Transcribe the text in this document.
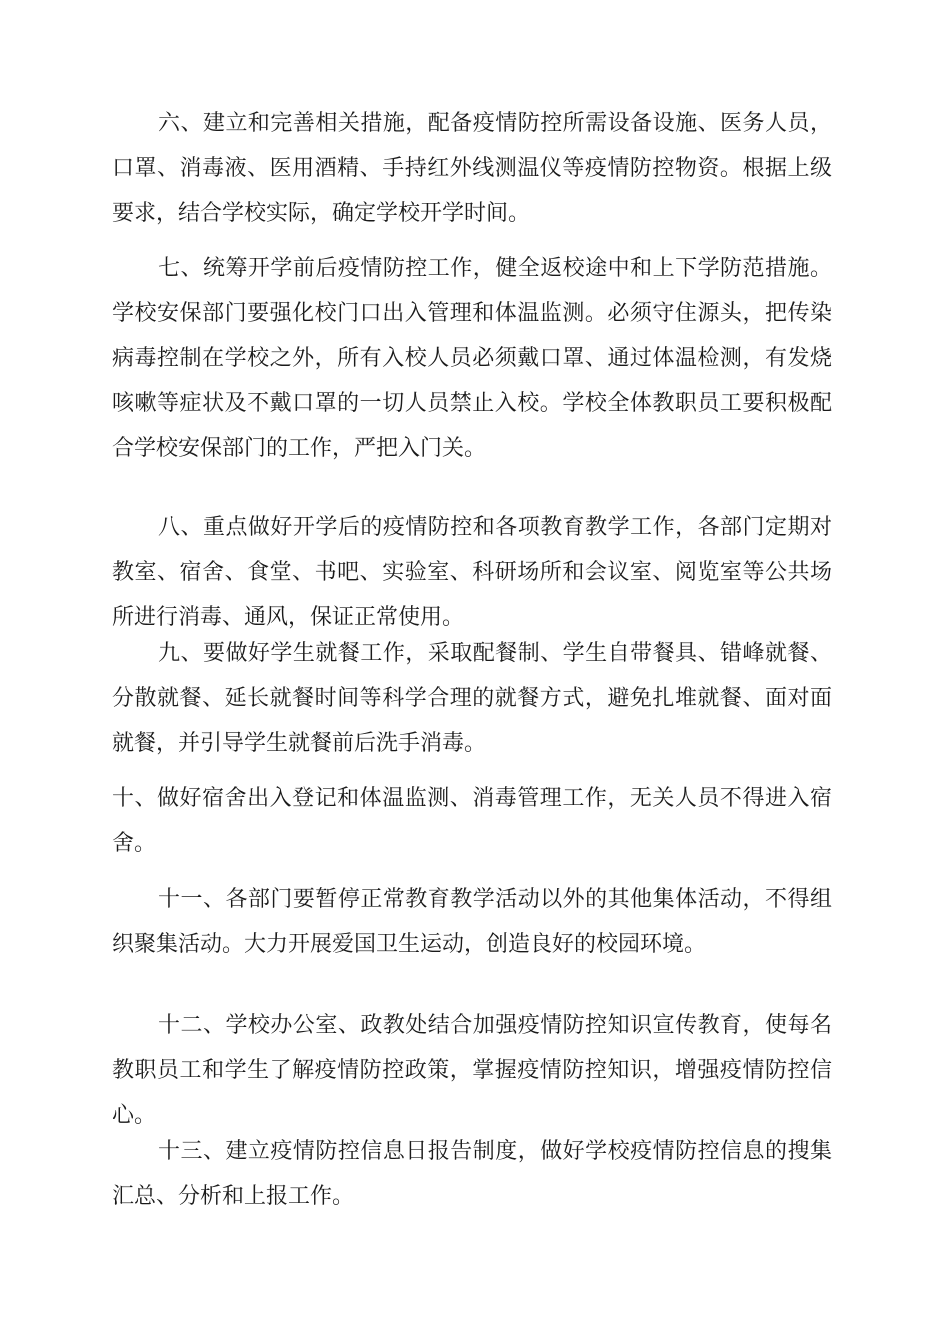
六、建立和完善相关措施，配备疫情防控所需设备设施、医务人员，口罩、消毒液、医用酒精、手持红外线测温仪等疫情防控物资。根据上级要求，结合学校实际，确定学校开学时间。

七、统筹开学前后疫情防控工作，健全返校途中和上下学防范措施。学校安保部门要强化校门口出入管理和体温监测。必须守住源头，把传染病毒控制在学校之外，所有入校人员必须戴口罩、通过体温检测，有发烧咳嗽等症状及不戴口罩的一切人员禁止入校。学校全体教职员工要积极配合学校安保部门的工作，严把入门关。

八、重点做好开学后的疫情防控和各项教育教学工作，各部门定期对教室、宿舍、食堂、书吧、实验室、科研场所和会议室、阅览室等公共场所进行消毒、通风，保证正常使用。

九、要做好学生就餐工作，采取配餐制、学生自带餐具、错峰就餐、分散就餐、延长就餐时间等科学合理的就餐方式，避免扎堆就餐、面对面就餐，并引导学生就餐前后洗手消毒。

十、做好宿舍出入登记和体温监测、消毒管理工作，无关人员不得进入宿舍。

十一、各部门要暂停正常教育教学活动以外的其他集体活动，不得组织聚集活动。大力开展爱国卫生运动，创造良好的校园环境。

十二、学校办公室、政教处结合加强疫情防控知识宣传教育，使每名教职员工和学生了解疫情防控政策，掌握疫情防控知识，增强疫情防控信心。

十三、建立疫情防控信息日报告制度，做好学校疫情防控信息的搜集汇总、分析和上报工作。
